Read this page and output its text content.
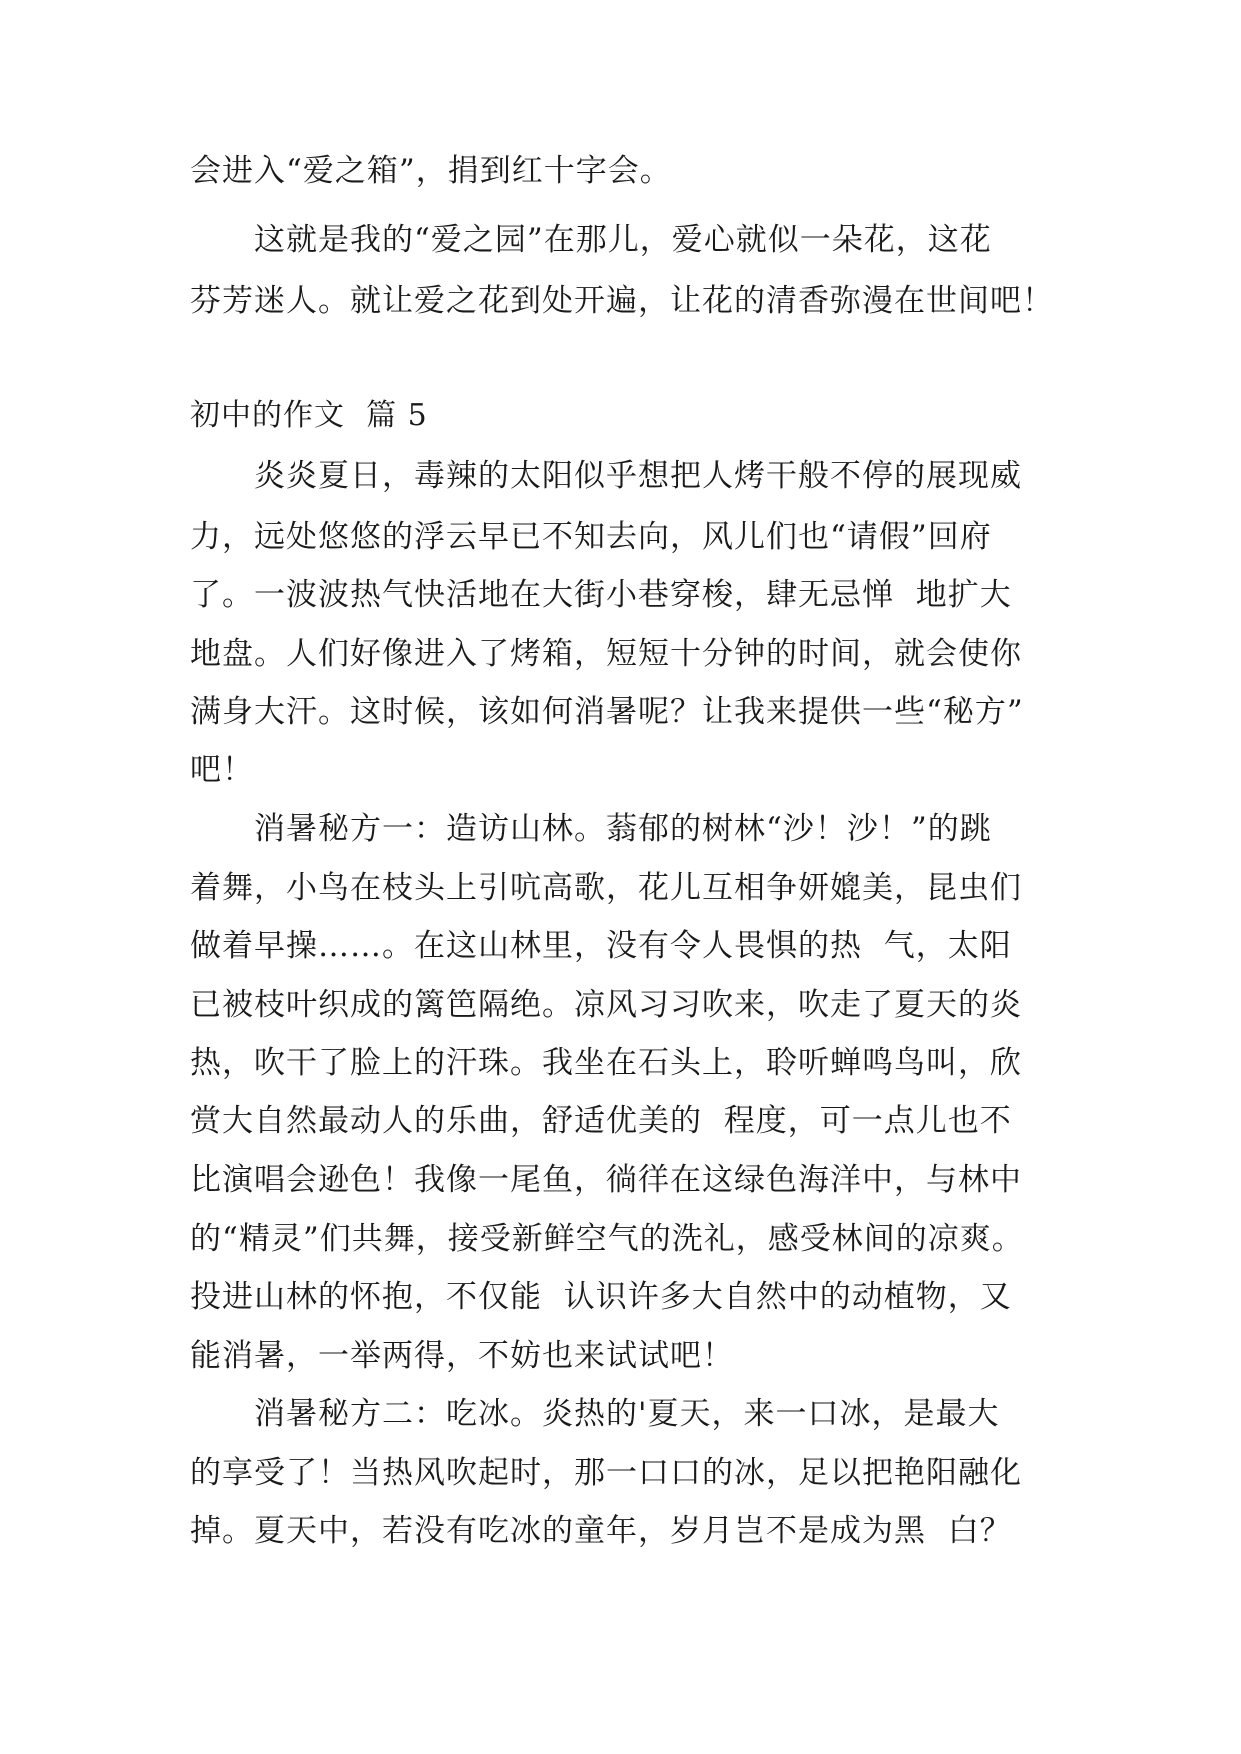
会进入“爱之箱”，捐到红十字会。
　　这就是我的“爱之园”在那儿，爱心就似一朵花，这花
芬芳迷人。就让爱之花到处开遍，让花的清香弥漫在世间吧！
初中的作文  篇 5
　　炎炎夏日，毒辣的太阳似乎想把人烤干般不停的展现威
力，远处悠悠的浮云早已不知去向，风儿们也“请假”回府
了。一波波热气快活地在大街小巷穿梭，肆无忌惮  地扩大
地盘。人们好像进入了烤箱，短短十分钟的时间，就会使你
满身大汗。这时候，该如何消暑呢？让我来提供一些“秘方”
吧！
　　消暑秘方一：造访山林。蓊郁的树林“沙！沙！”的跳
着舞，小鸟在枝头上引吭高歌，花儿互相争妍媲美，昆虫们
做着早操……。在这山林里，没有令人畏惧的热  气，太阳
已被枝叶织成的篱笆隔绝。凉风习习吹来，吹走了夏天的炎
热，吹干了脸上的汗珠。我坐在石头上，聆听蝉鸣鸟叫，欣
赏大自然最动人的乐曲，舒适优美的  程度，可一点儿也不
比演唱会逊色！我像一尾鱼，徜徉在这绿色海洋中，与林中
的“精灵”们共舞，接受新鲜空气的洗礼，感受林间的凉爽。
投进山林的怀抱，不仅能  认识许多大自然中的动植物，又
能消暑，一举两得，不妨也来试试吧！
　　消暑秘方二：吃冰。炎热的'夏天，来一口冰，是最大
的享受了！当热风吹起时，那一口口的冰，足以把艳阳融化
掉。夏天中，若没有吃冰的童年，岁月岂不是成为黑  白？
